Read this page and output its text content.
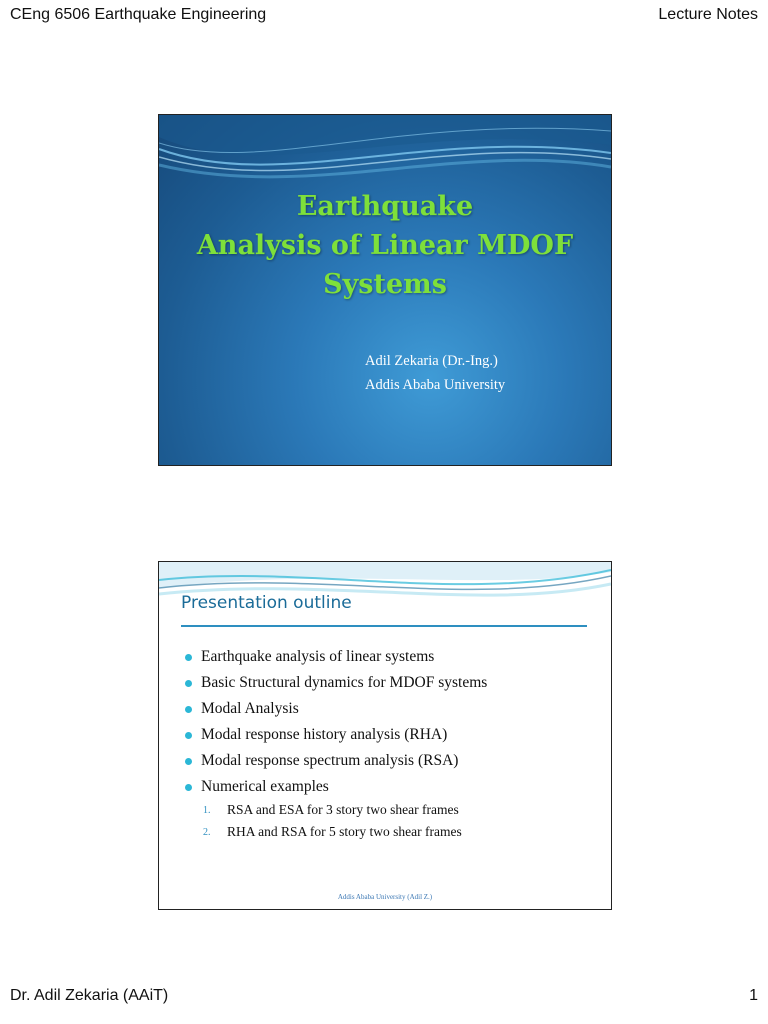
CEng 6506 Earthquake Engineering	Lecture Notes
Earthquake
Analysis of Linear MDOF
Systems
Adil Zekaria (Dr.-Ing.)
Addis Ababa University
Presentation outline
Earthquake analysis of linear systems
Basic Structural dynamics for MDOF systems
Modal Analysis
Modal response history analysis (RHA)
Modal response spectrum analysis (RSA)
Numerical examples
1.	RSA and ESA for 3 story two shear frames
2.	RHA and RSA for 5 story two shear frames
Addis Ababa University (Adil Z.)
Dr. Adil Zekaria (AAiT)	1
